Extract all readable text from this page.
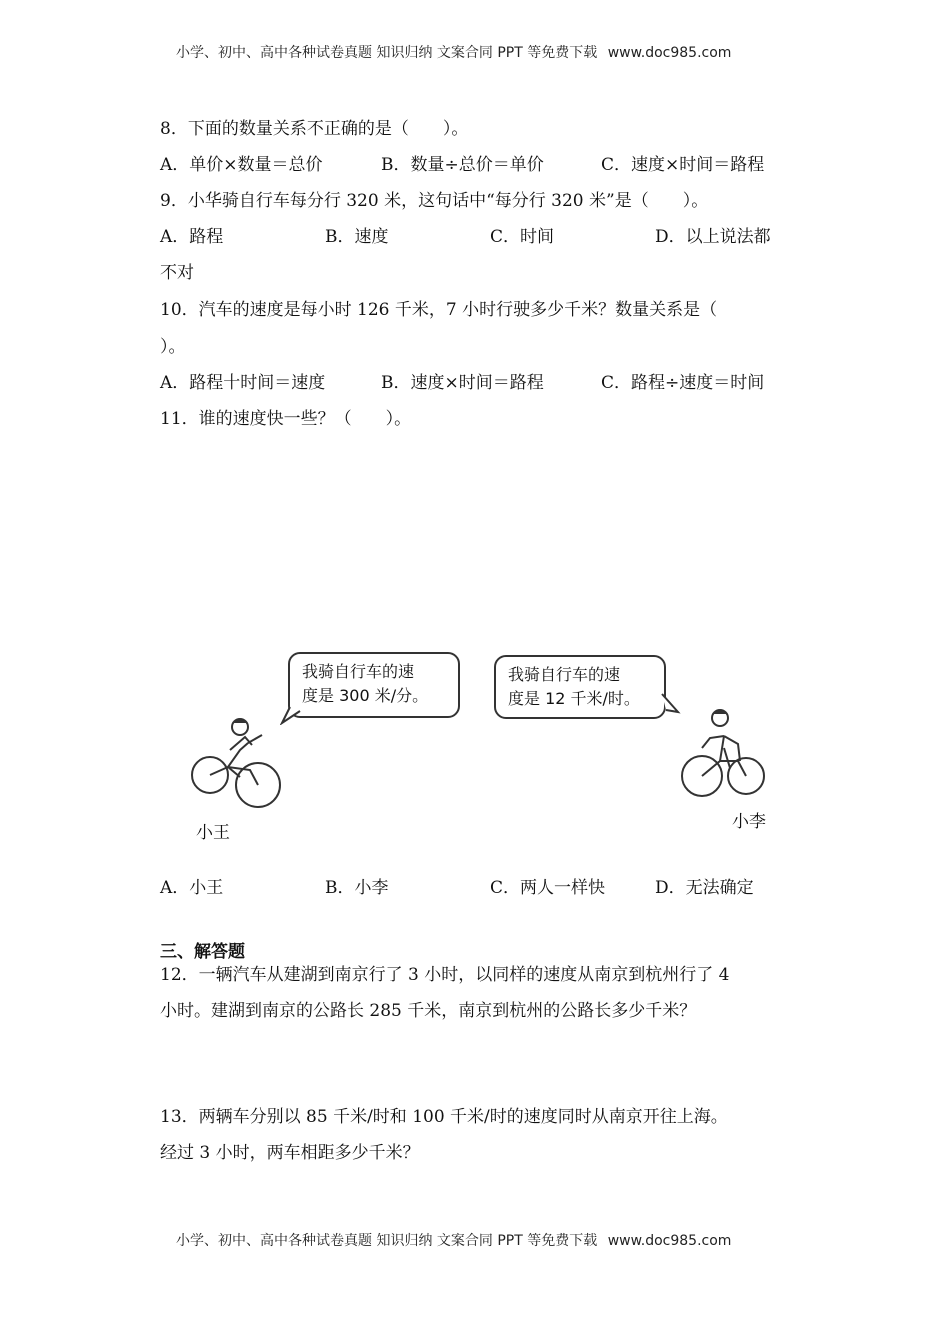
小学、初中、高中各种试卷真题 知识归纳 文案合同 PPT 等免费下载 www.doc985.com
8．下面的数量关系不正确的是（　　）。
A．单价×数量＝总价	B．数量÷总价＝单价	C．速度×时间＝路程
9．小华骑自行车每分行 320 米，这句话中“每分行 320 米”是（　　）。
A．路程	B．速度	C．时间	D．以上说法都
不对
10．汽车的速度是每小时 126 千米，7 小时行驶多少千米？数量关系是（
）。
A．路程十时间＝速度	B．速度×时间＝路程	C．路程÷速度＝时间
11．谁的速度快一些？（　　）。
我骑自行车的速
度是 300 米/分。
我骑自行车的速
度是 12 千米/时。
小王
小李
A．小王	B．小李	C．两人一样快	D．无法确定
三、解答题
12．一辆汽车从建湖到南京行了 3 小时，以同样的速度从南京到杭州行了 4
小时。建湖到南京的公路长 285 千米，南京到杭州的公路长多少千米？
13．两辆车分别以 85 千米/时和 100 千米/时的速度同时从南京开往上海。
经过 3 小时，两车相距多少千米？
小学、初中、高中各种试卷真题 知识归纳 文案合同 PPT 等免费下载 www.doc985.com
